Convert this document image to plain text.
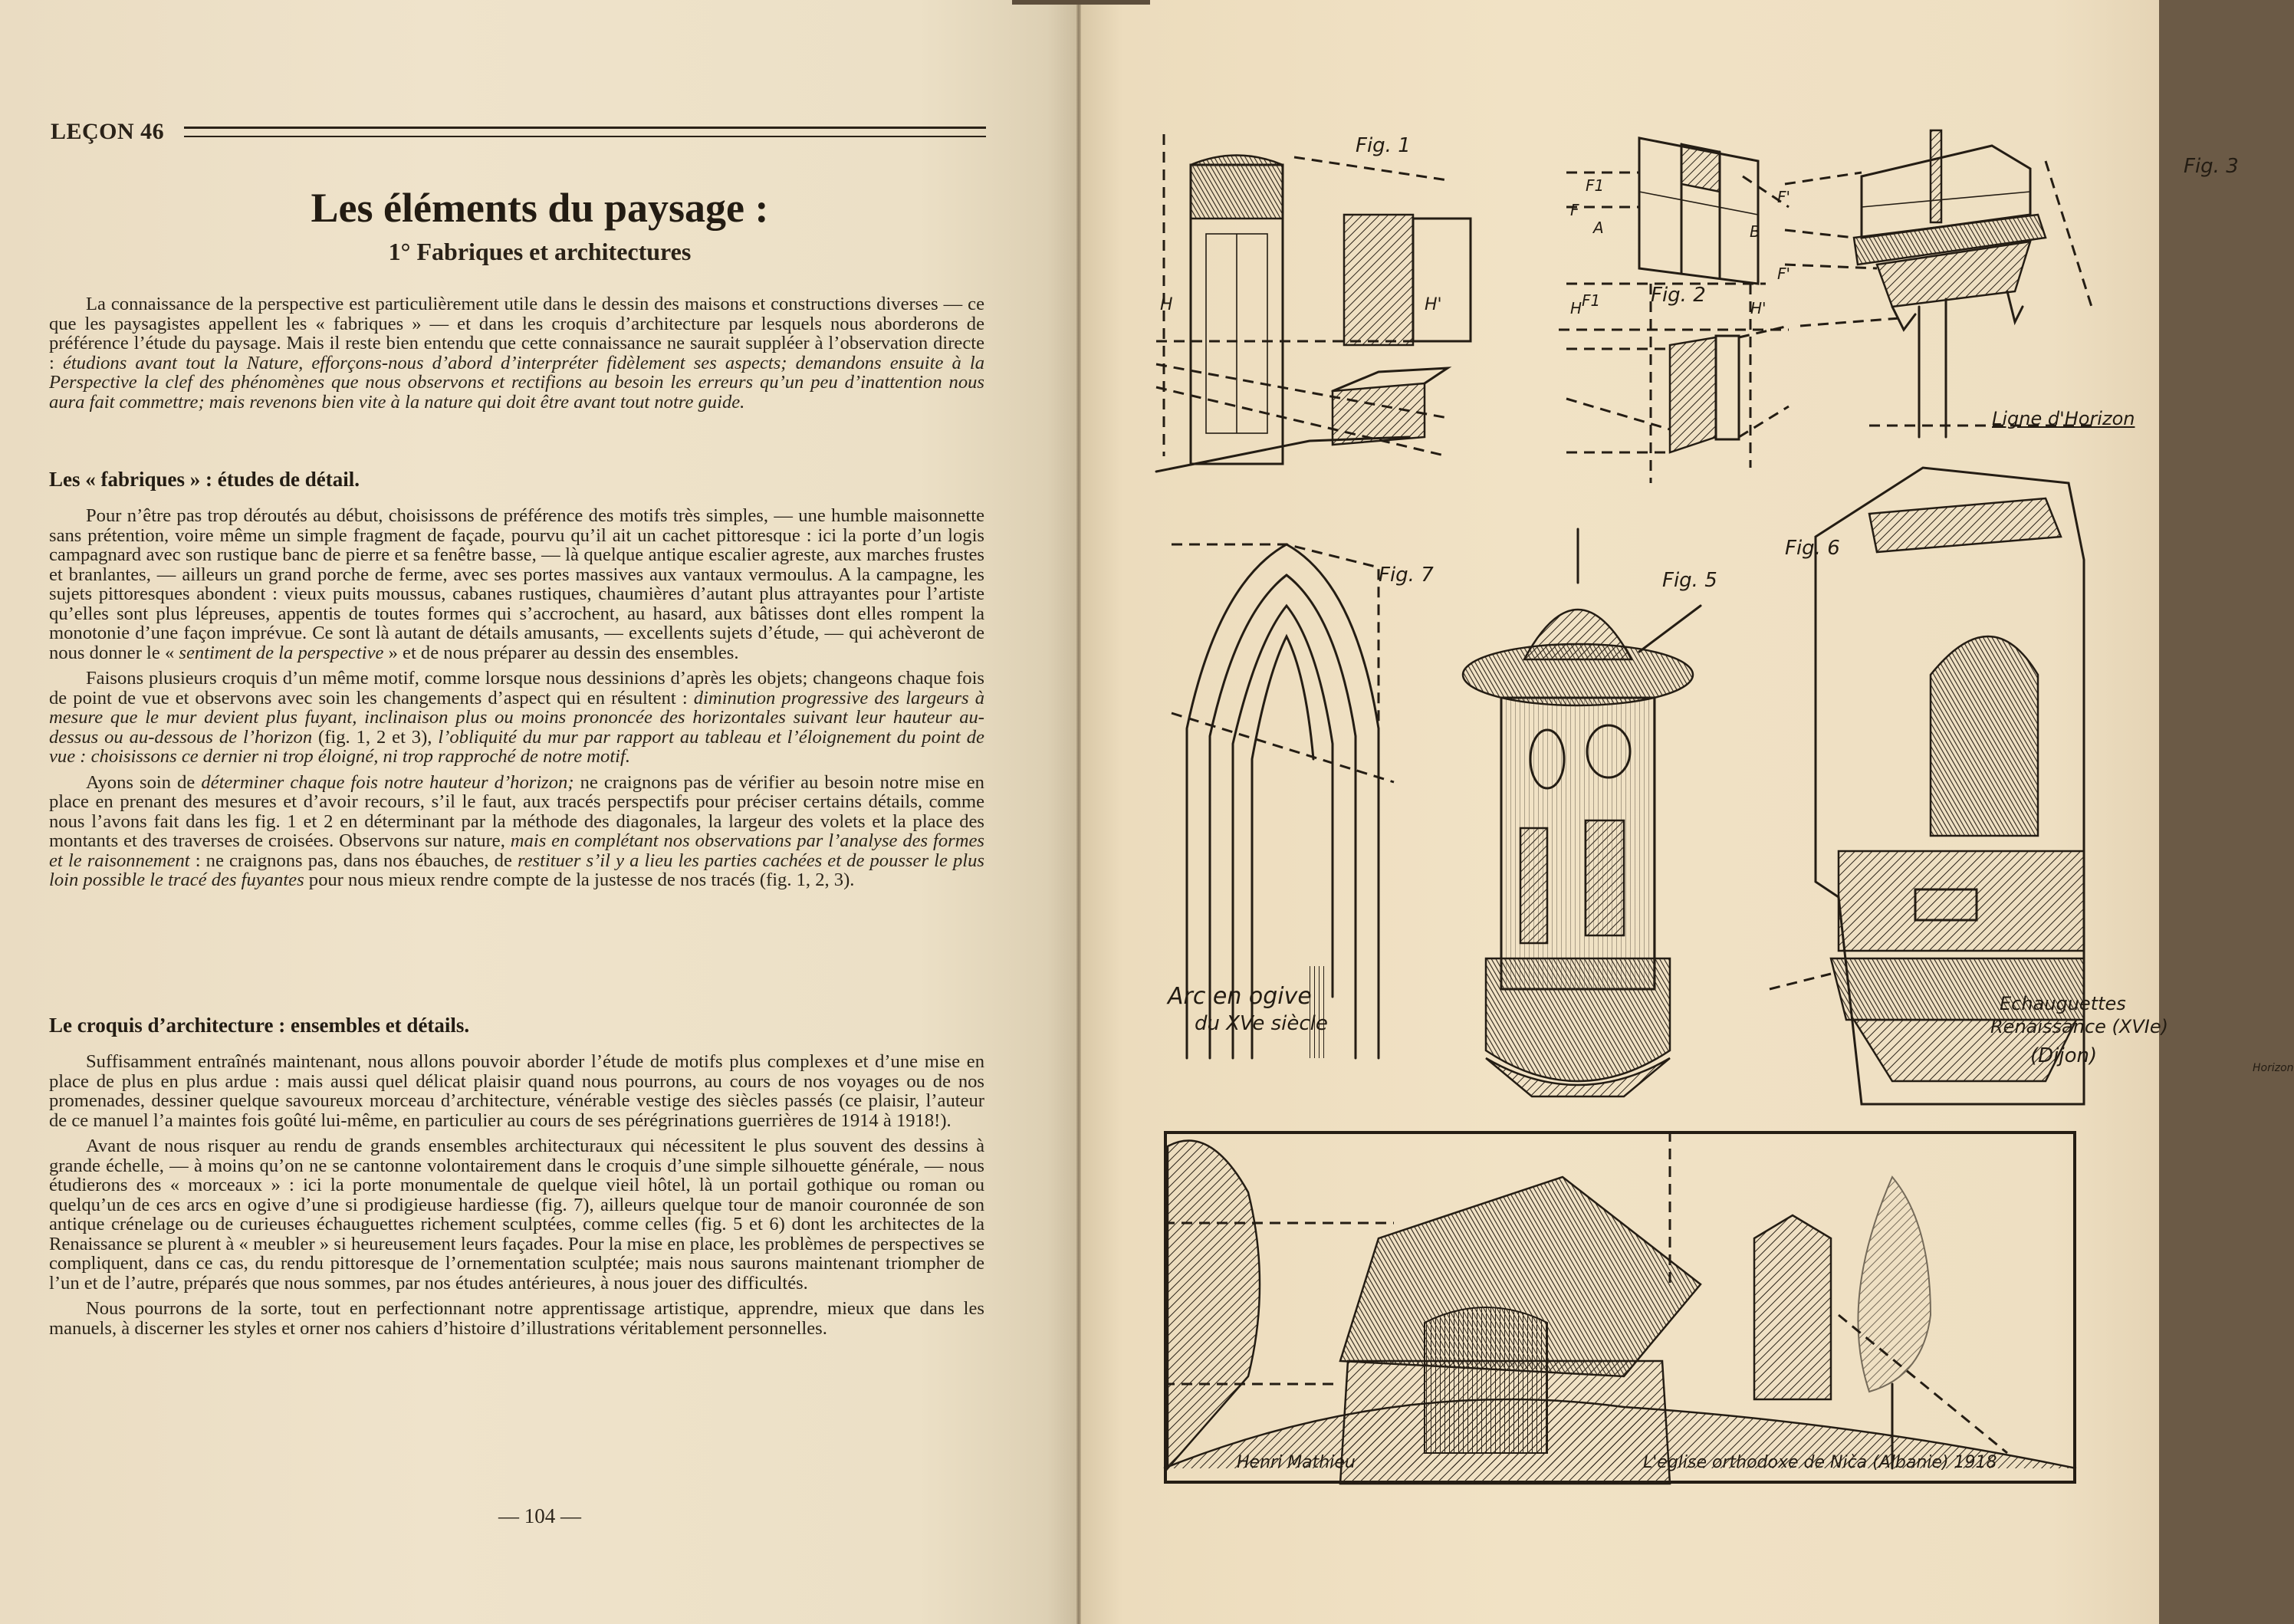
LEÇON 46
Les éléments du paysage :
1° Fabriques et architectures

La connaissance de la perspective est particulièrement utile dans le dessin des maisons et constructions diverses — ce que les paysagistes appellent les « fabriques » — et dans les croquis d’architecture par lesquels nous aborderons de préférence l’étude du paysage. Mais il reste bien entendu que cette connaissance ne saurait suppléer à l’observation directe : étudions avant tout la Nature, efforçons-nous d’abord d’interpréter fidèlement ses aspects; demandons ensuite à la Perspective la clef des phénomènes que nous observons et rectifions au besoin les erreurs qu’un peu d’inattention nous aura fait commettre; mais revenons bien vite à la nature qui doit être avant tout notre guide.

Les « fabriques » : études de détail.

Pour n’être pas trop déroutés au début, choisissons de préférence des motifs très simples, — une humble maisonnette sans prétention, voire même un simple fragment de façade, pourvu qu’il ait un cachet pittoresque : ici la porte d’un logis campagnard avec son rustique banc de pierre et sa fenêtre basse, — là quelque antique escalier agreste, aux marches frustes et branlantes, — ailleurs un grand porche de ferme, avec ses portes massives aux vantaux vermoulus. A la campagne, les sujets pittoresques abondent : vieux puits moussus, cabanes rustiques, chaumières d’autant plus attrayantes pour l’artiste qu’elles sont plus lépreuses, appentis de toutes formes qui s’accrochent, au hasard, aux bâtisses dont elles rompent la monotonie d’une façon imprévue. Ce sont là autant de détails amusants, — excellents sujets d’étude, — qui achèveront de nous donner le « sentiment de la perspective » et de nous préparer au dessin des ensembles.

Faisons plusieurs croquis d’un même motif, comme lorsque nous dessinions d’après les objets; changeons chaque fois de point de vue et observons avec soin les changements d’aspect qui en résultent : diminution progressive des largeurs à mesure que le mur devient plus fuyant, inclinaison plus ou moins prononcée des horizontales suivant leur hauteur au-dessus ou au-dessous de l’horizon (fig. 1, 2 et 3), l’obliquité du mur par rapport au tableau et l’éloignement du point de vue : choisissons ce dernier ni trop éloigné, ni trop rapproché de notre motif.

Ayons soin de déterminer chaque fois notre hauteur d’horizon; ne craignons pas de vérifier au besoin notre mise en place en prenant des mesures et d’avoir recours, s’il le faut, aux tracés perspectifs pour préciser certains détails, comme nous l’avons fait dans les fig. 1 et 2 en déterminant par la méthode des diagonales, la largeur des volets et la place des montants et des traverses de croisées. Observons sur nature, mais en complétant nos observations par l’analyse des formes et le raisonnement : ne craignons pas, dans nos ébauches, de restituer s’il y a lieu les parties cachées et de pousser le plus loin possible le tracé des fuyantes pour nous mieux rendre compte de la justesse de nos tracés (fig. 1, 2, 3).

Le croquis d’architecture : ensembles et détails.

Suffisamment entraînés maintenant, nous allons pouvoir aborder l’étude de motifs plus complexes et d’une mise en place de plus en plus ardue : mais aussi quel délicat plaisir quand nous pourrons, au cours de nos voyages ou de nos promenades, dessiner quelque savoureux morceau d’architecture, vénérable vestige des siècles passés (ce plaisir, l’auteur de ce manuel l’a maintes fois goûté lui-même, en particulier au cours de ses pérégrinations guerrières de 1914 à 1918!).

Avant de nous risquer au rendu de grands ensembles architecturaux qui nécessitent le plus souvent des dessins à grande échelle, — à moins qu’on ne se cantonne volontairement dans le croquis d’une simple silhouette générale, — nous étudierons des « morceaux » : ici la porte monumentale de quelque vieil hôtel, là un portail gothique ou roman ou quelqu’un de ces arcs en ogive d’une si prodigieuse hardiesse (fig. 7), ailleurs quelque tour de manoir couronnée de son antique crénelage ou de curieuses échauguettes richement sculptées, comme celles (fig. 5 et 6) dont les architectes de la Renaissance se plurent à « meubler » si heureusement leurs façades. Pour la mise en place, les problèmes de perspectives se compliquent, dans ce cas, du rendu pittoresque de l’ornementation sculptée; mais nous saurons maintenant triompher de l’un et de l’autre, préparés que nous sommes, par nos études antérieures, à nous jouer des difficultés.

Nous pourrons de la sorte, tout en perfectionnant notre apprentissage artistique, apprendre, mieux que dans les manuels, à discerner les styles et orner nos cahiers d’histoire d’illustrations véritablement personnelles.

— 104 —
Fig. 1
H	H'
F1
F
A	B
F'
F1	Fig. 2
F'
H	H'
Fig. 3
Ligne d'Horizon
Fig. 7
Arc en ogive
du XVe siècle
Fig. 5
Fig. 6
Echauguettes
Renaissance (XVIe)
(Dijon)
Horizon
Henri Mathieu	L'église orthodoxe de Niča (Albanie) 1918
